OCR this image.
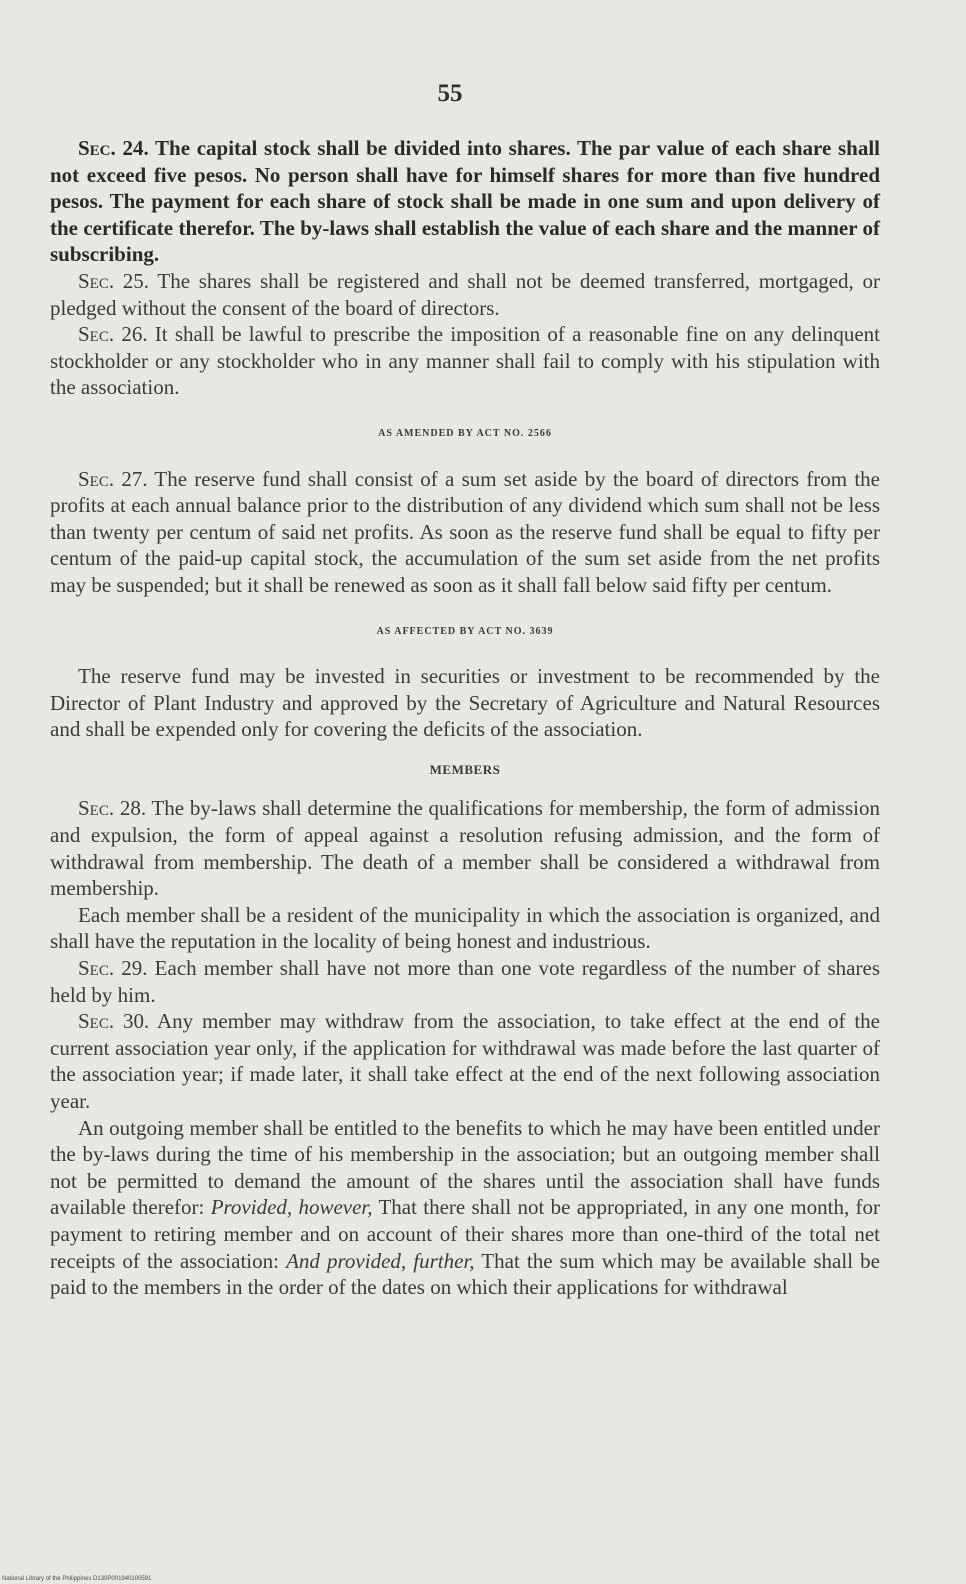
55

Sec. 24. The capital stock shall be divided into shares. The par value of each share shall not exceed five pesos. No person shall have for himself shares for more than five hundred pesos. The payment for each share of stock shall be made in one sum and upon delivery of the certificate therefor. The by-laws shall establish the value of each share and the manner of subscribing.

Sec. 25. The shares shall be registered and shall not be deemed transferred, mortgaged, or pledged without the consent of the board of directors.

Sec. 26. It shall be lawful to prescribe the imposition of a reasonable fine on any delinquent stockholder or any stockholder who in any manner shall fail to comply with his stipulation with the association.

AS AMENDED BY ACT NO. 2566

Sec. 27. The reserve fund shall consist of a sum set aside by the board of directors from the profits at each annual balance prior to the distribution of any dividend which sum shall not be less than twenty per centum of said net profits. As soon as the reserve fund shall be equal to fifty per centum of the paid-up capital stock, the accumulation of the sum set aside from the net profits may be suspended; but it shall be renewed as soon as it shall fall below said fifty per centum.

AS AFFECTED BY ACT NO. 3639

The reserve fund may be invested in securities or investment to be recommended by the Director of Plant Industry and approved by the Secretary of Agriculture and Natural Resources and shall be expended only for covering the deficits of the association.

MEMBERS

Sec. 28. The by-laws shall determine the qualifications for membership, the form of admission and expulsion, the form of appeal against a resolution refusing admission, and the form of withdrawal from membership. The death of a member shall be considered a withdrawal from membership.

Each member shall be a resident of the municipality in which the association is organized, and shall have the reputation in the locality of being honest and industrious.

Sec. 29. Each member shall have not more than one vote regardless of the number of shares held by him.

Sec. 30. Any member may withdraw from the association, to take effect at the end of the current association year only, if the application for withdrawal was made before the last quarter of the association year; if made later, it shall take effect at the end of the next following association year.

An outgoing member shall be entitled to the benefits to which he may have been entitled under the by-laws during the time of his membership in the association; but an outgoing member shall not be permitted to demand the amount of the shares until the association shall have funds available therefor: Provided, however, That there shall not be appropriated, in any one month, for payment to retiring member and on account of their shares more than one-third of the total net receipts of the association: And provided, further, That the sum which may be available shall be paid to the members in the order of the dates on which their applications for withdrawal

National Library of the Philippines D130P001940100591
